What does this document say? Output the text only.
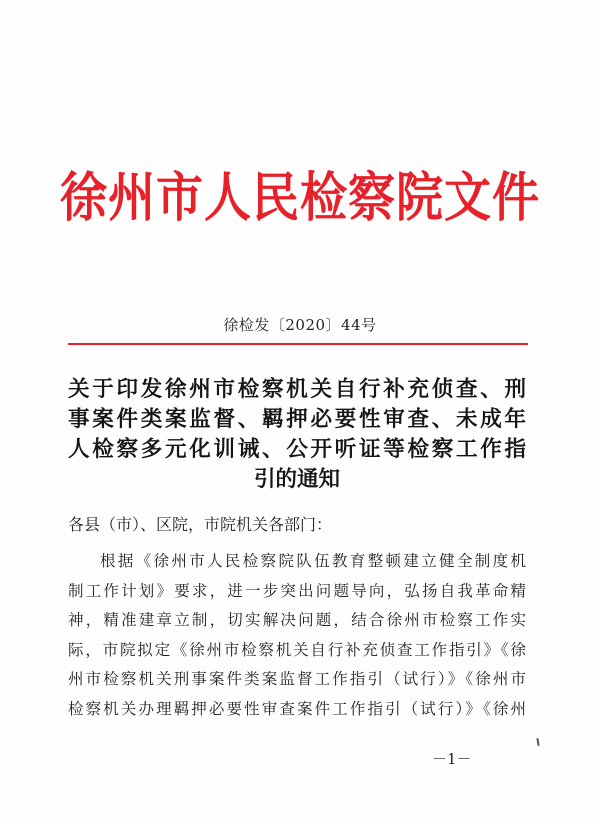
徐州市人民检察院文件
徐检发〔2020〕44号
关于印发徐州市检察机关自行补充侦查、刑
事案件类案监督、羁押必要性审查、未成年
人检察多元化训诫、公开听证等检察工作指
引的通知
各县（市）、区院，市院机关各部门：
根据《徐州市人民检察院队伍教育整顿建立健全制度机
制工作计划》要求，进一步突出问题导向，弘扬自我革命精
神，精准建章立制，切实解决问题，结合徐州市检察工作实
际，市院拟定《徐州市检察机关自行补充侦查工作指引》《徐
州市检察机关刑事案件类案监督工作指引（试行）》《徐州市
检察机关办理羁押必要性审查案件工作指引（试行）》《徐州
－1－
